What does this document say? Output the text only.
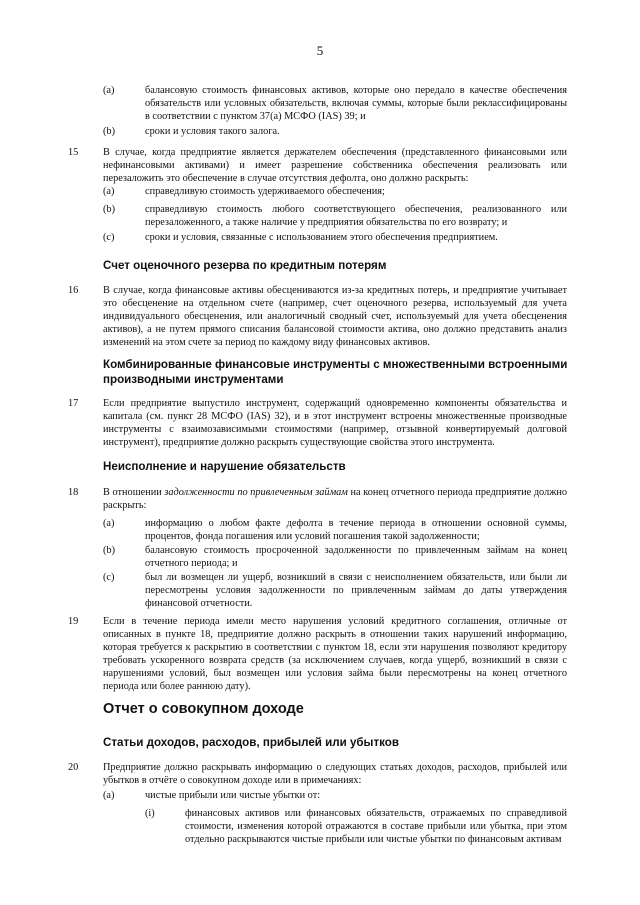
5
(a)	балансовую стоимость финансовых активов, которые оно передало в качестве обеспечения обязательств или условных обязательств, включая суммы, которые были реклассифицированы в соответствии с пунктом 37(a) МСФО (IAS) 39; и
(b)	сроки и условия такого залога.
15 В случае, когда предприятие является держателем обеспечения (представленного финансовыми или нефинансовыми активами) и имеет разрешение собственника обеспечения реализовать или перезаложить это обеспечение в случае отсутствия дефолта, оно должно раскрыть:
(a)	справедливую стоимость удерживаемого обеспечения;
(b)	справедливую стоимость любого соответствующего обеспечения, реализованного или перезаложенного, а также наличие у предприятия обязательства по его возврату; и
(c)	сроки и условия, связанные с использованием этого обеспечения предприятием.
Счет оценочного резерва по кредитным потерям
16 В случае, когда финансовые активы обесцениваются из-за кредитных потерь, и предприятие учитывает это обесценение на отдельном счете (например, счет оценочного резерва, используемый для учета индивидуального обесценения, или аналогичный сводный счет, используемый для учета обесценения активов), а не путем прямого списания балансовой стоимости актива, оно должно представить анализ изменений на этом счете за период по каждому виду финансовых активов.
Комбинированные финансовые инструменты с множественными встроенными производными инструментами
17 Если предприятие выпустило инструмент, содержащий одновременно компоненты обязательства и капитала (см. пункт 28 МСФО (IAS) 32), и в этот инструмент встроены множественные производные инструменты с взаимозависимыми стоимостями (например, отзывной конвертируемый долговой инструмент), предприятие должно раскрыть существующие свойства этого инструмента.
Неисполнение и нарушение обязательств
18 В отношении задолженности по привлеченным займам на конец отчетного периода предприятие должно раскрыть:
(a)	информацию о любом факте дефолта в течение периода в отношении основной суммы, процентов, фонда погашения или условий погашения такой задолженности;
(b)	балансовую стоимость просроченной задолженности по привлеченным займам на конец отчетного периода; и
(c)	был ли возмещен ли ущерб, возникший в связи с неисполнением обязательств, или были ли пересмотрены условия задолженности по привлеченным займам до даты утверждения финансовой отчетности.
19 Если в течение периода имели место нарушения условий кредитного соглашения, отличные от описанных в пункте 18, предприятие должно раскрыть в отношении таких нарушений информацию, которая требуется к раскрытию в соответствии с пунктом 18, если эти нарушения позволяют кредитору требовать ускоренного возврата средств (за исключением случаев, когда ущерб, возникший в связи с нарушениями условий, был возмещен или условия займа были пересмотрены на конец отчетного периода или более раннюю дату).
Отчет о совокупном доходе
Статьи доходов, расходов, прибылей или убытков
20 Предприятие должно раскрывать информацию о следующих статьях доходов, расходов, прибылей или убытков в отчёте о совокупном доходе или в примечаниях:
(a)	чистые прибыли или чистые убытки от:
(i)	финансовых активов или финансовых обязательств, отражаемых по справедливой стоимости, изменения которой отражаются в составе прибыли или убытка, при этом отдельно раскрываются чистые прибыли или чистые убытки по финансовым активам
